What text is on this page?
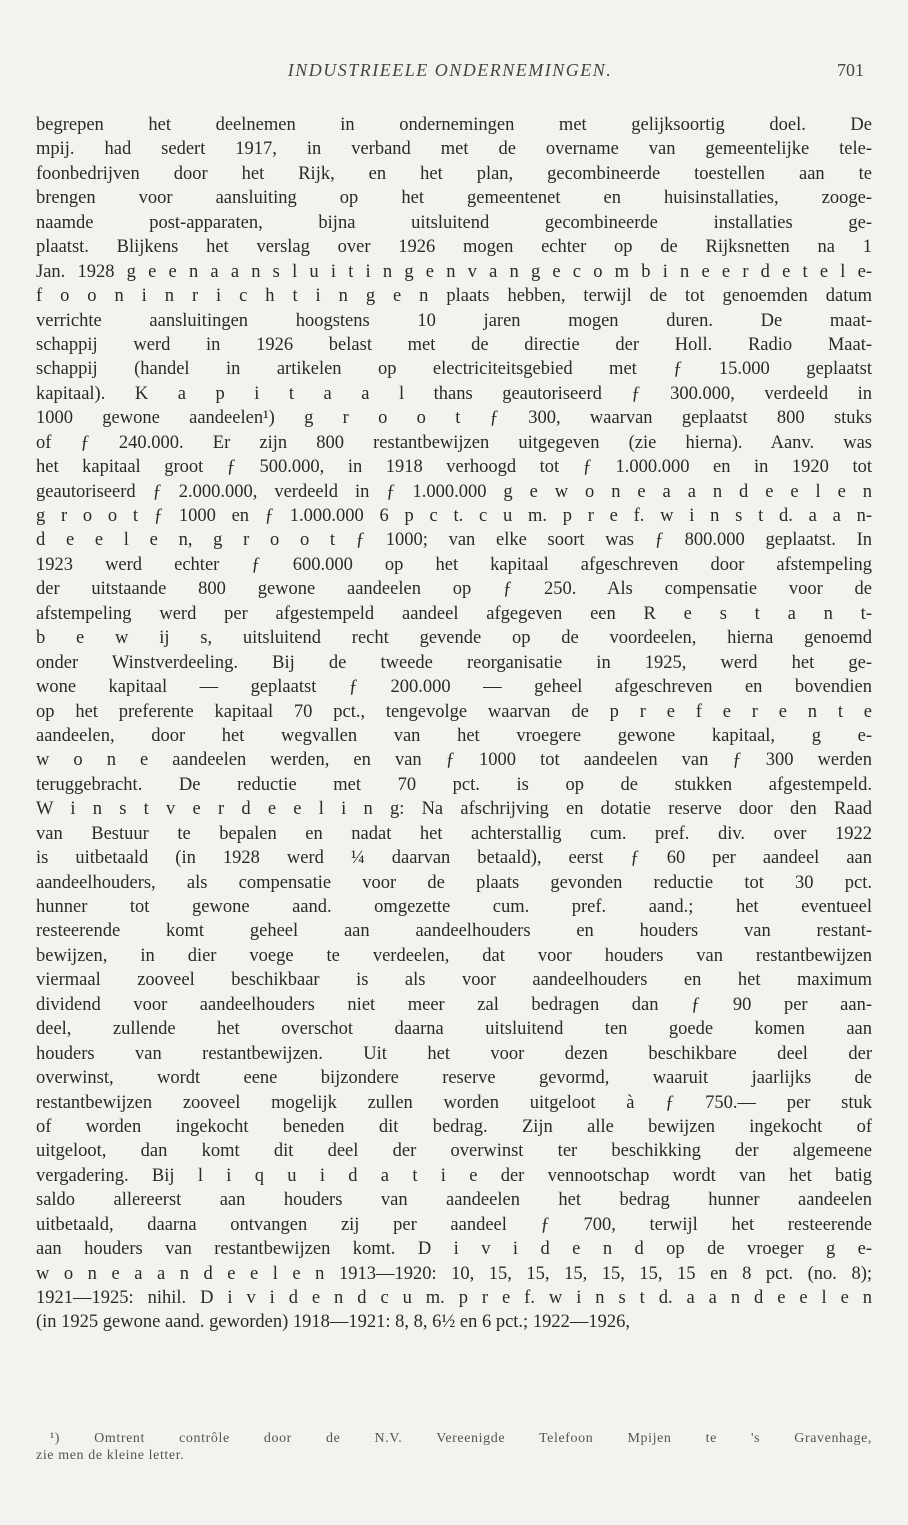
INDUSTRIEELE ONDERNEMINGEN.	701
begrepen het deelnemen in ondernemingen met gelijksoortig doel. De
mpij. had sedert 1917, in verband met de overname van gemeentelijke tele-
foonbedrijven door het Rijk, en het plan, gecombineerde toestellen aan te
brengen voor aansluiting op het gemeentenet en huisinstallaties, zooge-
naamde post-apparaten, bijna uitsluitend gecombineerde installaties ge-
plaatst. Blijkens het verslag over 1926 mogen echter op de Rijksnetten na 1
Jan. 1928 g e e n a a n s l u i t i n g e n v a n g e c o m b i n e e r d e t e l e-
f o o n i n r i c h t i n g e n plaats hebben, terwijl de tot genoemden datum
verrichte aansluitingen hoogstens 10 jaren mogen duren. De maat-
schappij werd in 1926 belast met de directie der Holl. Radio Maat-
schappij (handel in artikelen op electriciteitsgebied met ƒ 15.000 geplaatst
kapitaal). K a p i t a a l thans geautoriseerd ƒ 300.000, verdeeld in
1000 gewone aandeelen¹) g r o o t ƒ 300, waarvan geplaatst 800 stuks
of ƒ 240.000. Er zijn 800 restantbewijzen uitgegeven (zie hierna). Aanv. was
het kapitaal groot ƒ 500.000, in 1918 verhoogd tot ƒ 1.000.000 en in 1920 tot
geautoriseerd ƒ 2.000.000, verdeeld in ƒ 1.000.000 g e w o n e a a n d e e l e n
g r o o t ƒ 1000 en ƒ 1.000.000 6 p c t. c u m. p r e f. w i n s t d. a a n-
d e e l e n, g r o o t ƒ 1000; van elke soort was ƒ 800.000 geplaatst. In
1923 werd echter ƒ 600.000 op het kapitaal afgeschreven door afstempeling
der uitstaande 800 gewone aandeelen op ƒ 250. Als compensatie voor de
afstempeling werd per afgestempeld aandeel afgegeven een R e s t a n t-
b e w ij s, uitsluitend recht gevende op de voordeelen, hierna genoemd
onder Winstverdeeling. Bij de tweede reorganisatie in 1925, werd het ge-
wone kapitaal — geplaatst ƒ 200.000 — geheel afgeschreven en bovendien
op het preferente kapitaal 70 pct., tengevolge waarvan de p r e f e r e n t e
aandeelen, door het wegvallen van het vroegere gewone kapitaal, g e-
w o n e aandeelen werden, en van ƒ 1000 tot aandeelen van ƒ 300 werden
teruggebracht. De reductie met 70 pct. is op de stukken afgestempeld.
W i n s t v e r d e e l i n g: Na afschrijving en dotatie reserve door den Raad
van Bestuur te bepalen en nadat het achterstallig cum. pref. div. over 1922
is uitbetaald (in 1928 werd ¼ daarvan betaald), eerst ƒ 60 per aandeel aan
aandeelhouders, als compensatie voor de plaats gevonden reductie tot 30 pct.
hunner tot gewone aand. omgezette cum. pref. aand.; het eventueel
resteerende komt geheel aan aandeelhouders en houders van restant-
bewijzen, in dier voege te verdeelen, dat voor houders van restantbewijzen
viermaal zooveel beschikbaar is als voor aandeelhouders en het maximum
dividend voor aandeelhouders niet meer zal bedragen dan ƒ 90 per aan-
deel, zullende het overschot daarna uitsluitend ten goede komen aan
houders van restantbewijzen. Uit het voor dezen beschikbare deel der
overwinst, wordt eene bijzondere reserve gevormd, waaruit jaarlijks de
restantbewijzen zooveel mogelijk zullen worden uitgeloot à ƒ 750.— per stuk
of worden ingekocht beneden dit bedrag. Zijn alle bewijzen ingekocht of
uitgeloot, dan komt dit deel der overwinst ter beschikking der algemeene
vergadering. Bij l i q u i d a t i e der vennootschap wordt van het batig
saldo allereerst aan houders van aandeelen het bedrag hunner aandeelen
uitbetaald, daarna ontvangen zij per aandeel ƒ 700, terwijl het resteerende
aan houders van restantbewijzen komt. D i v i d e n d op de vroeger g e-
w o n e a a n d e e l e n 1913—1920: 10, 15, 15, 15, 15, 15, 15 en 8 pct. (no. 8);
1921—1925: nihil. D i v i d e n d c u m. p r e f. w i n s t d. a a n d e e l e n
(in 1925 gewone aand. geworden) 1918—1921: 8, 8, 6½ en 6 pct.; 1922—1926,
¹) Omtrent contrôle door de N.V. Vereenigde Telefoon Mpijen te 's Gravenhage,
zie men de kleine letter.
